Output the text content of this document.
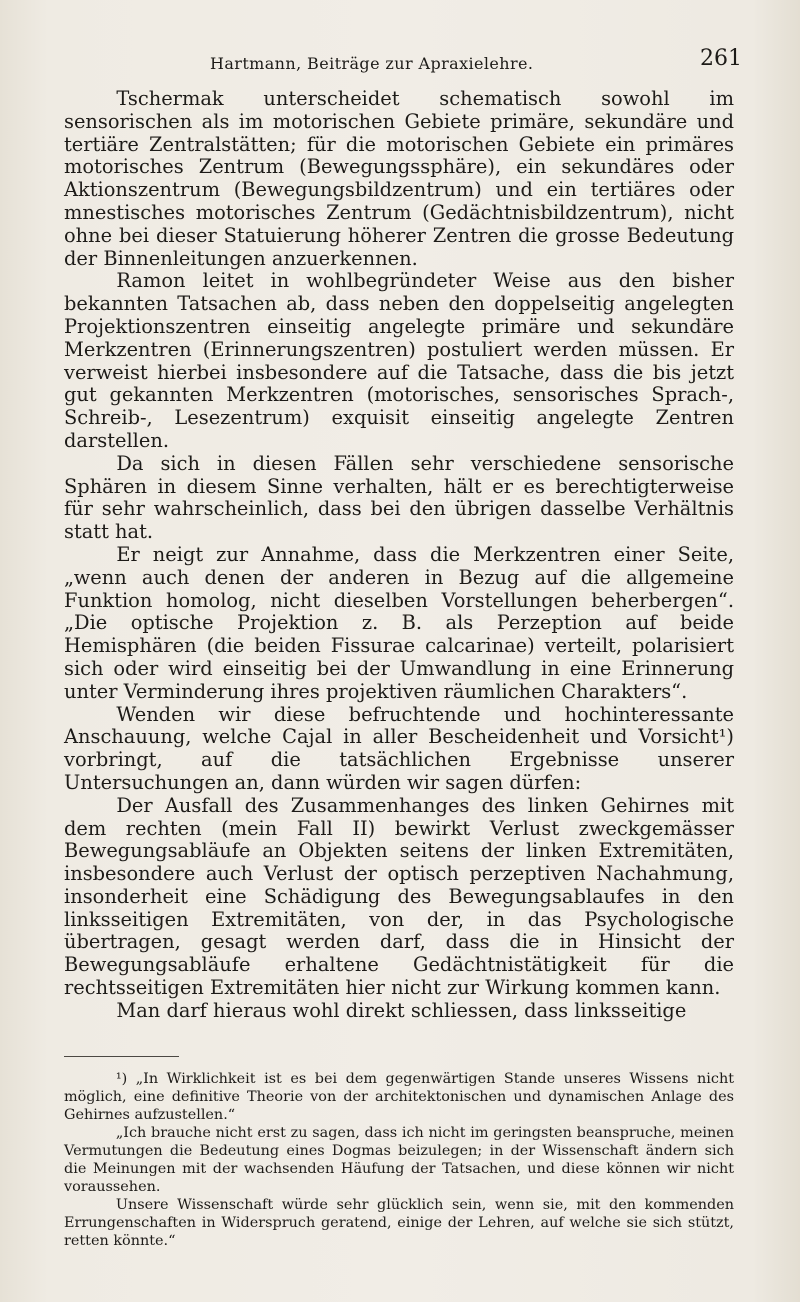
Hartmann, Beiträge zur Apraxielehre.	261

Tschermak unterscheidet schematisch sowohl im sensorischen als im motorischen Gebiete primäre, sekundäre und tertiäre Zentralstätten; für die motorischen Gebiete ein primäres motorisches Zentrum (Bewegungssphäre), ein sekundäres oder Aktionszentrum (Bewegungsbildzentrum) und ein tertiäres oder mnestisches motorisches Zentrum (Gedächtnisbildzentrum), nicht ohne bei dieser Statuierung höherer Zentren die grosse Bedeutung der Binnenleitungen anzuerkennen.

Ramon leitet in wohlbegründeter Weise aus den bisher bekannten Tatsachen ab, dass neben den doppelseitig angelegten Projektionszentren einseitig angelegte primäre und sekundäre Merkzentren (Erinnerungszentren) postuliert werden müssen. Er verweist hierbei insbesondere auf die Tatsache, dass die bis jetzt gut gekannten Merkzentren (motorisches, sensorisches Sprach-, Schreib-, Lesezentrum) exquisit einseitig angelegte Zentren darstellen.

Da sich in diesen Fällen sehr verschiedene sensorische Sphären in diesem Sinne verhalten, hält er es berechtigterweise für sehr wahrscheinlich, dass bei den übrigen dasselbe Verhältnis statt hat.

Er neigt zur Annahme, dass die Merkzentren einer Seite, „wenn auch denen der anderen in Bezug auf die allgemeine Funktion homolog, nicht dieselben Vorstellungen beherbergen“. „Die optische Projektion z. B. als Perzeption auf beide Hemisphären (die beiden Fissurae calcarinae) verteilt, polarisiert sich oder wird einseitig bei der Umwandlung in eine Erinnerung unter Verminderung ihres projektiven räumlichen Charakters“.

Wenden wir diese befruchtende und hochinteressante Anschauung, welche Cajal in aller Bescheidenheit und Vorsicht¹) vorbringt, auf die tatsächlichen Ergebnisse unserer Untersuchungen an, dann würden wir sagen dürfen:

Der Ausfall des Zusammenhanges des linken Gehirnes mit dem rechten (mein Fall II) bewirkt Verlust zweckgemässer Bewegungsabläufe an Objekten seitens der linken Extremitäten, insbesondere auch Verlust der optisch perzeptiven Nachahmung, insonderheit eine Schädigung des Bewegungsablaufes in den linksseitigen Extremitäten, von der, in das Psychologische übertragen, gesagt werden darf, dass die in Hinsicht der Bewegungsabläufe erhaltene Gedächtnistätigkeit für die rechtsseitigen Extremitäten hier nicht zur Wirkung kommen kann.

Man darf hieraus wohl direkt schliessen, dass linksseitige

¹) „In Wirklichkeit ist es bei dem gegenwärtigen Stande unseres Wissens nicht möglich, eine definitive Theorie von der architektonischen und dynamischen Anlage des Gehirnes aufzustellen.“

„Ich brauche nicht erst zu sagen, dass ich nicht im geringsten beanspruche, meinen Vermutungen die Bedeutung eines Dogmas beizulegen; in der Wissenschaft ändern sich die Meinungen mit der wachsenden Häufung der Tatsachen, und diese können wir nicht voraussehen.

Unsere Wissenschaft würde sehr glücklich sein, wenn sie, mit den kommenden Errungenschaften in Widerspruch geratend, einige der Lehren, auf welche sie sich stützt, retten könnte.“
